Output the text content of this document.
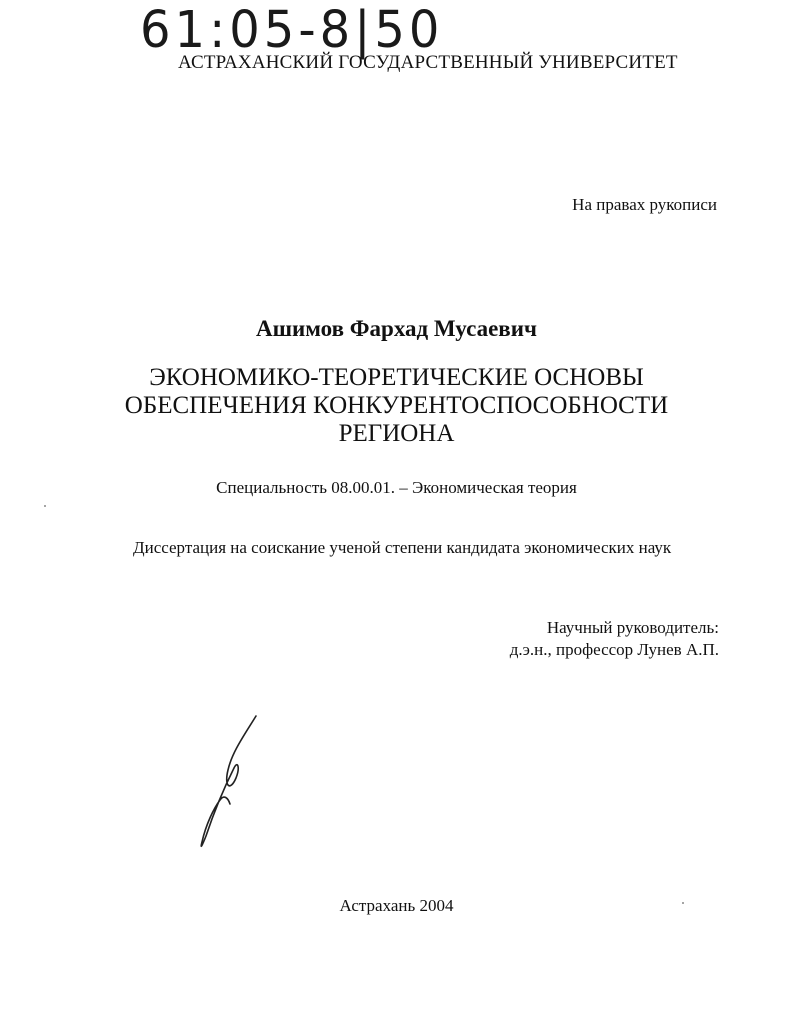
61:05-8|50
АСТРАХАНСКИЙ ГОСУДАРСТВЕННЫЙ УНИВЕРСИТЕТ
На правах рукописи
Ашимов Фархад Мусаевич
ЭКОНОМИКО-ТЕОРЕТИЧЕСКИЕ ОСНОВЫ
ОБЕСПЕЧЕНИЯ КОНКУРЕНТОСПОСОБНОСТИ
РЕГИОНА
Специальность 08.00.01. – Экономическая теория
Диссертация на соискание ученой степени кандидата экономических наук
Научный руководитель:
д.э.н., профессор Лунев А.П.
Астрахань 2004
